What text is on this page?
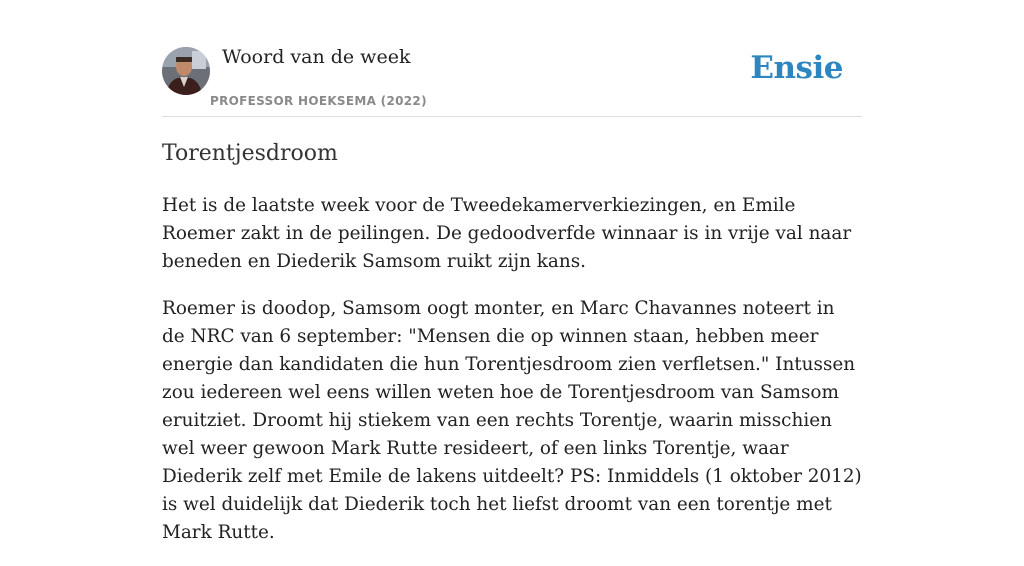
Woord van de week
PROFESSOR HOEKSEMA (2022)
Ensie
Torentjesdroom

Het is de laatste week voor de Tweedekamerverkiezingen, en Emile Roemer zakt in de peilingen. De gedoodverfde winnaar is in vrije val naar beneden en Diederik Samsom ruikt zijn kans.

Roemer is doodop, Samsom oogt monter, en Marc Chavannes noteert in de NRC van 6 september: "Mensen die op winnen staan, hebben meer energie dan kandidaten die hun Torentjesdroom zien verfletsen." Intussen zou iedereen wel eens willen weten hoe de Torentjesdroom van Samsom eruitziet. Droomt hij stiekem van een rechts Torentje, waarin misschien wel weer gewoon Mark Rutte resideert, of een links Torentje, waar Diederik zelf met Emile de lakens uitdeelt? PS: Inmiddels (1 oktober 2012) is wel duidelijk dat Diederik toch het liefst droomt van een torentje met Mark Rutte.
